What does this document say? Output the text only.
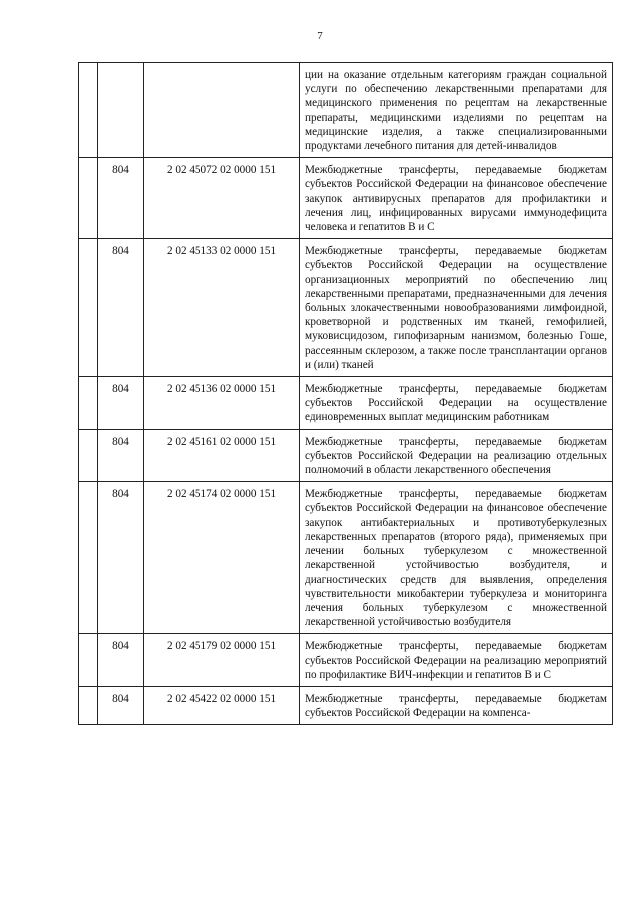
7
			ции на оказание отдельным категориям граждан социальной услуги по обеспечению лекарственными препаратами для медицинского применения по рецептам на лекарственные препараты, медицинскими изделиями по рецептам на медицинские изделия, а также специализированными продуктами лечебного питания для детей-инвалидов
	804	2 02 45072 02 0000 151	Межбюджетные трансферты, передаваемые бюджетам субъектов Российской Федерации на финансовое обеспечение закупок антивирусных препаратов для профилактики и лечения лиц, инфицированных вирусами иммунодефицита человека и гепатитов B и C
	804	2 02 45133 02 0000 151	Межбюджетные трансферты, передаваемые бюджетам субъектов Российской Федерации на осуществление организационных мероприятий по обеспечению лиц лекарственными препаратами, предназначенными для лечения больных злокачественными новообразованиями лимфоидной, кроветворной и родственных им тканей, гемофилией, муковисцидозом, гипофизарным нанизмом, болезнью Гоше, рассеянным склерозом, а также после трансплантации органов и (или) тканей
	804	2 02 45136 02 0000 151	Межбюджетные трансферты, передаваемые бюджетам субъектов Российской Федерации на осуществление единовременных выплат медицинским работникам
	804	2 02 45161 02 0000 151	Межбюджетные трансферты, передаваемые бюджетам субъектов Российской Федерации на реализацию отдельных полномочий в области лекарственного обеспечения
	804	2 02 45174 02 0000 151	Межбюджетные трансферты, передаваемые бюджетам субъектов Российской Федерации на финансовое обеспечение закупок антибактериальных и противотуберкулезных лекарственных препаратов (второго ряда), применяемых при лечении больных туберкулезом с множественной лекарственной устойчивостью возбудителя, и диагностических средств для выявления, определения чувствительности микобактерии туберкулеза и мониторинга лечения больных туберкулезом с множественной лекарственной устойчивостью возбудителя
	804	2 02 45179 02 0000 151	Межбюджетные трансферты, передаваемые бюджетам субъектов Российской Федерации на реализацию мероприятий по профилактике ВИЧ-инфекции и гепатитов B и C
	804	2 02 45422 02 0000 151	Межбюджетные трансферты, передаваемые бюджетам субъектов Российской Федерации на компенса-
